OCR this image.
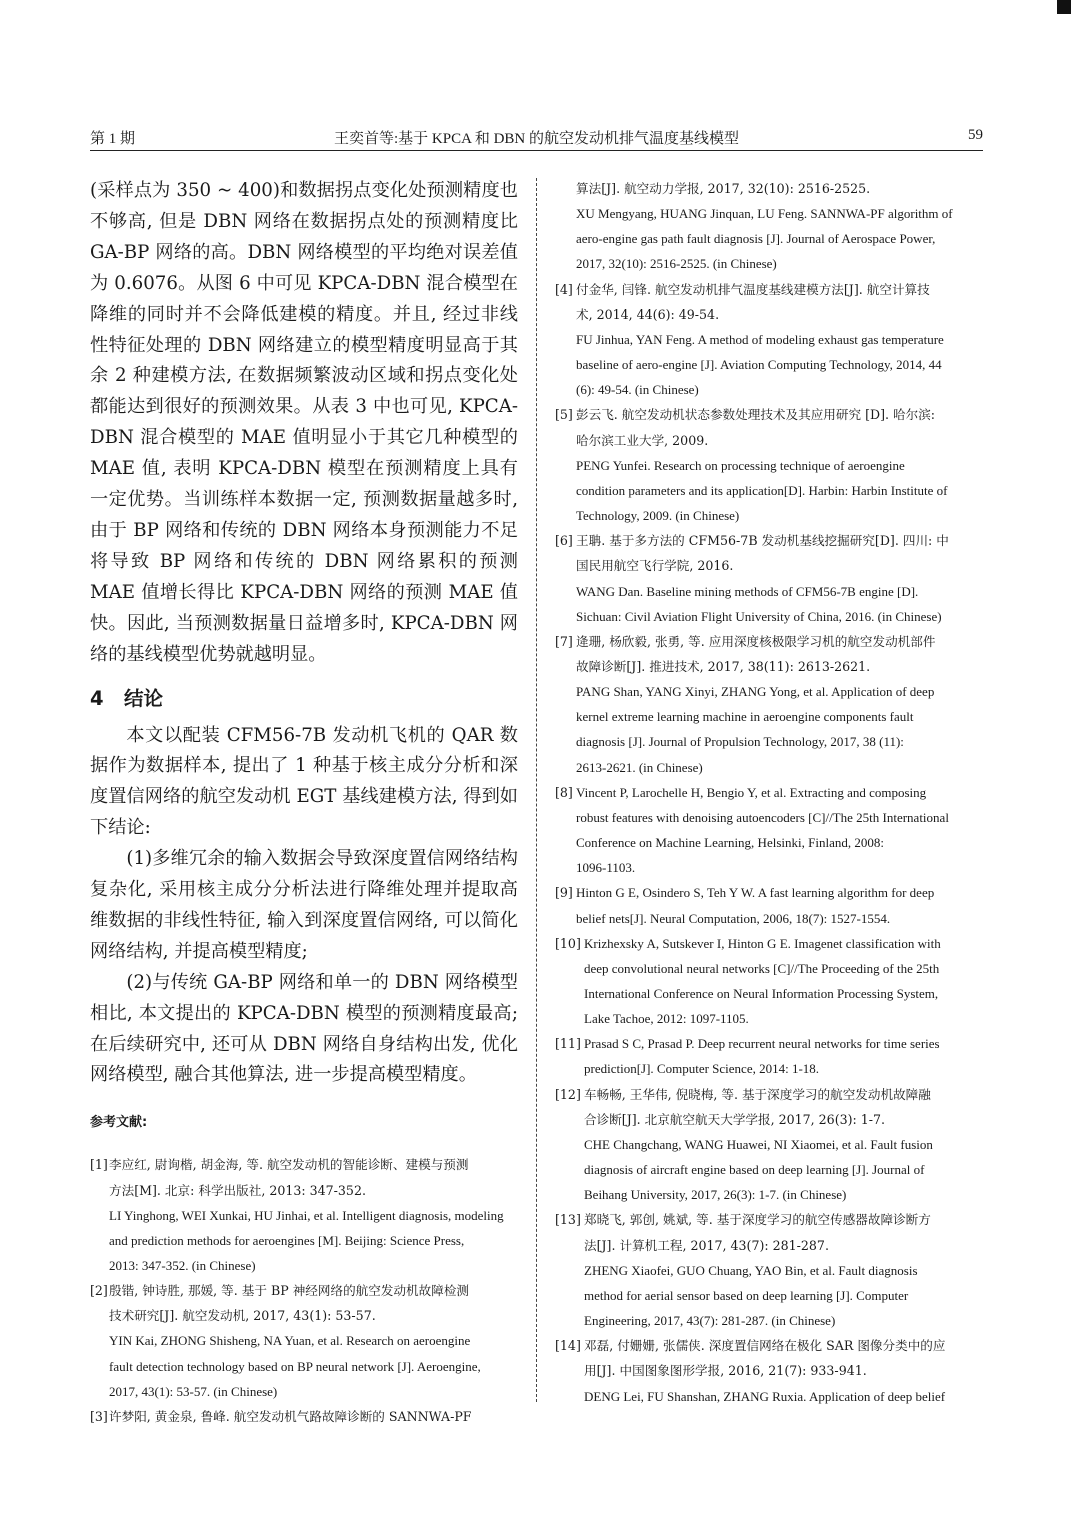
第 1 期	王奕首等:基于 KPCA 和 DBN 的航空发动机排气温度基线模型	59

(采样点为 350 ~ 400)和数据拐点变化处预测精度也不够高, 但是 DBN 网络在数据拐点处的预测精度比 GA-BP 网络的高。DBN 网络模型的平均绝对误差值为 0.6076。从图 6 中可见 KPCA-DBN 混合模型在降维的同时并不会降低建模的精度。并且, 经过非线性特征处理的 DBN 网络建立的模型精度明显高于其余 2 种建模方法, 在数据频繁波动区域和拐点变化处都能达到很好的预测效果。从表 3 中也可见, KPCA-DBN 混合模型的 MAE 值明显小于其它几种模型的 MAE 值, 表明 KPCA-DBN 模型在预测精度上具有一定优势。当训练样本数据一定, 预测数据量越多时, 由于 BP 网络和传统的 DBN 网络本身预测能力不足将导致 BP 网络和传统的 DBN 网络累积的预测 MAE 值增长得比 KPCA-DBN 网络的预测 MAE 值快。因此, 当预测数据量日益增多时, KPCA-DBN 网络的基线模型优势就越明显。

4 结论

本文以配装 CFM56-7B 发动机飞机的 QAR 数据作为数据样本, 提出了 1 种基于核主成分分析和深度置信网络的航空发动机 EGT 基线建模方法, 得到如下结论:

(1)多维冗余的输入数据会导致深度置信网络结构复杂化, 采用核主成分分析法进行降维处理并提取高维数据的非线性特征, 输入到深度置信网络, 可以简化网络结构, 并提高模型精度;

(2)与传统 GA-BP 网络和单一的 DBN 网络模型相比, 本文提出的 KPCA-DBN 模型的预测精度最高; 在后续研究中, 还可从 DBN 网络自身结构出发, 优化网络模型, 融合其他算法, 进一步提高模型精度。

参考文献:
[1] 李应红, 尉询楷, 胡金海, 等. 航空发动机的智能诊断、建模与预测
方法[M]. 北京: 科学出版社, 2013: 347-352.
LI Yinghong, WEI Xunkai, HU Jinhai, et al. Intelligent diagnosis, modeling
and prediction methods for aeroengines [M]. Beijing: Science Press,
2013: 347-352. (in Chinese)
[2] 殷锴, 钟诗胜, 那媛, 等. 基于 BP 神经网络的航空发动机故障检测
技术研究[J]. 航空发动机, 2017, 43(1): 53-57.
YIN Kai, ZHONG Shisheng, NA Yuan, et al. Research on aeroengine
fault detection technology based on BP neural network [J]. Aeroengine,
2017, 43(1): 53-57. (in Chinese)
[3] 许梦阳, 黄金泉, 鲁峰. 航空发动机气路故障诊断的 SANNWA-PF
算法[J]. 航空动力学报, 2017, 32(10): 2516-2525.
XU Mengyang, HUANG Jinquan, LU Feng. SANNWA-PF algorithm of
aero-engine gas path fault diagnosis [J]. Journal of Aerospace Power,
2017, 32(10): 2516-2525. (in Chinese)
[4] 付金华, 闫锋. 航空发动机排气温度基线建模方法[J]. 航空计算技
术, 2014, 44(6): 49-54.
FU Jinhua, YAN Feng. A method of modeling exhaust gas temperature
baseline of aero-engine [J]. Aviation Computing Technology, 2014, 44
(6): 49-54. (in Chinese)
[5] 彭云飞. 航空发动机状态参数处理技术及其应用研究 [D]. 哈尔滨:
哈尔滨工业大学, 2009.
PENG Yunfei. Research on processing technique of aeroengine
condition parameters and its application[D]. Harbin: Harbin Institute of
Technology, 2009. (in Chinese)
[6] 王聃. 基于多方法的 CFM56-7B 发动机基线挖掘研究[D]. 四川: 中
国民用航空飞行学院, 2016.
WANG Dan. Baseline mining methods of CFM56-7B engine [D].
Sichuan: Civil Aviation Flight University of China, 2016. (in Chinese)
[7] 逄珊, 杨欣毅, 张勇, 等. 应用深度核极限学习机的航空发动机部件
故障诊断[J]. 推进技术, 2017, 38(11): 2613-2621.
PANG Shan, YANG Xinyi, ZHANG Yong, et al. Application of deep
kernel extreme learning machine in aeroengine components fault
diagnosis [J]. Journal of Propulsion Technology, 2017, 38 (11):
2613-2621. (in Chinese)
[8] Vincent P, Larochelle H, Bengio Y, et al. Extracting and composing
robust features with denoising autoencoders [C]//The 25th International
Conference on Machine Learning, Helsinki, Finland, 2008:
1096-1103.
[9] Hinton G E, Osindero S, Teh Y W. A fast learning algorithm for deep
belief nets[J]. Neural Computation, 2006, 18(7): 1527-1554.
[10] Krizhexsky A, Sutskever I, Hinton G E. Imagenet classification with
deep convolutional neural networks [C]//The Proceeding of the 25th
International Conference on Neural Information Processing System,
Lake Tachoe, 2012: 1097-1105.
[11] Prasad S C, Prasad P. Deep recurrent neural networks for time series
prediction[J]. Computer Science, 2014: 1-18.
[12] 车畅畅, 王华伟, 倪晓梅, 等. 基于深度学习的航空发动机故障融
合诊断[J]. 北京航空航天大学学报, 2017, 26(3): 1-7.
CHE Changchang, WANG Huawei, NI Xiaomei, et al. Fault fusion
diagnosis of aircraft engine based on deep learning [J]. Journal of
Beihang University, 2017, 26(3): 1-7. (in Chinese)
[13] 郑晓飞, 郭创, 姚斌, 等. 基于深度学习的航空传感器故障诊断方
法[J]. 计算机工程, 2017, 43(7): 281-287.
ZHENG Xiaofei, GUO Chuang, YAO Bin, et al. Fault diagnosis
method for aerial sensor based on deep learning [J]. Computer
Engineering, 2017, 43(7): 281-287. (in Chinese)
[14] 邓磊, 付姗姗, 张儒侠. 深度置信网络在极化 SAR 图像分类中的应
用[J]. 中国图象图形学报, 2016, 21(7): 933-941.
DENG Lei, FU Shanshan, ZHANG Ruxia. Application of deep belief
